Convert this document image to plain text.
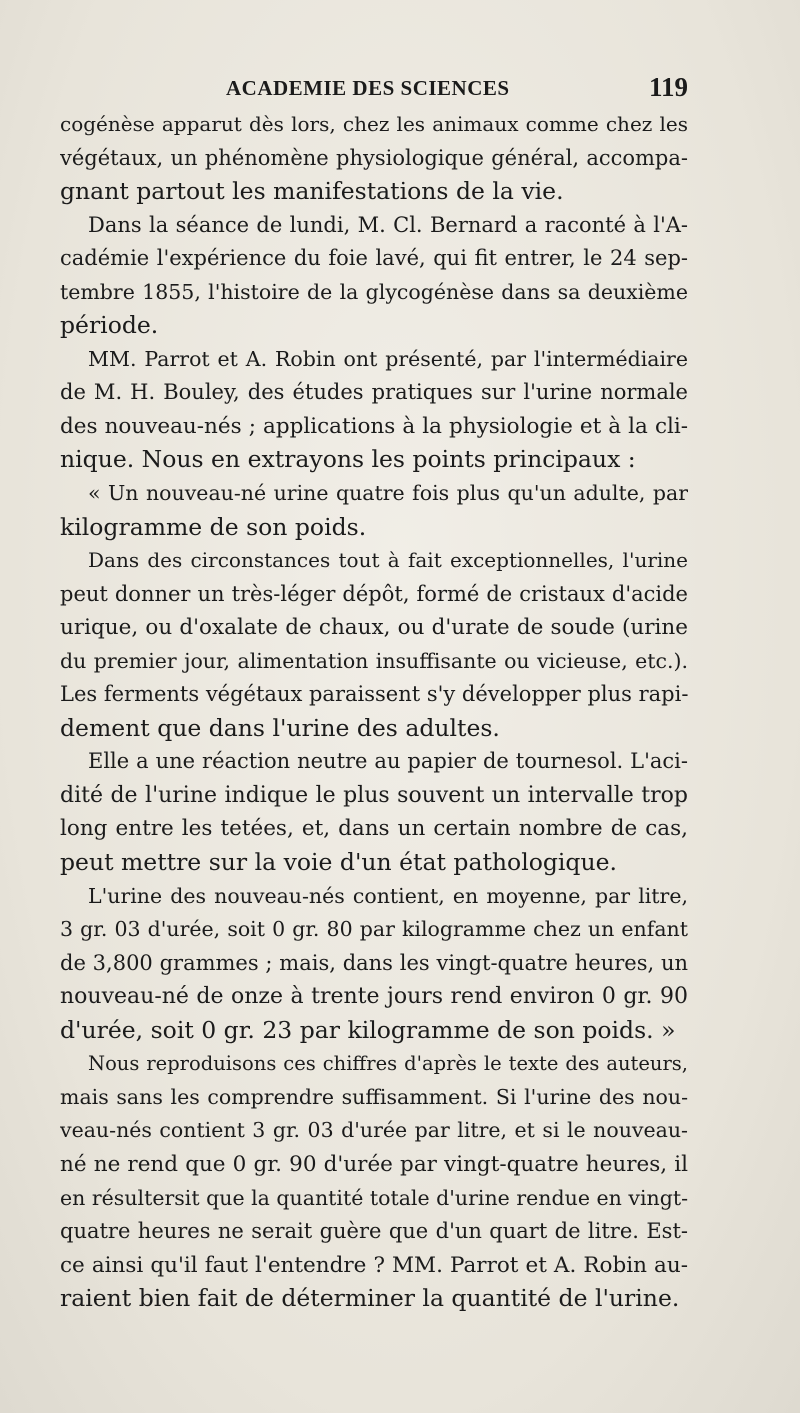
ACADEMIE DES SCIENCES	119
cogénèse apparut dès lors, chez les animaux comme chez les
végétaux, un phénomène physiologique général, accompa-
gnant partout les manifestations de la vie.
Dans la séance de lundi, M. Cl. Bernard a raconté à l'A-
cadémie l'expérience du foie lavé, qui fit entrer, le 24 sep-
tembre 1855, l'histoire de la glycogénèse dans sa deuxième
période.
MM. Parrot et A. Robin ont présenté, par l'intermédiaire
de M. H. Bouley, des études pratiques sur l'urine normale
des nouveau-nés ; applications à la physiologie et à la cli-
nique. Nous en extrayons les points principaux :
« Un nouveau-né urine quatre fois plus qu'un adulte, par
kilogramme de son poids.
Dans des circonstances tout à fait exceptionnelles, l'urine
peut donner un très-léger dépôt, formé de cristaux d'acide
urique, ou d'oxalate de chaux, ou d'urate de soude (urine
du premier jour, alimentation insuffisante ou vicieuse, etc.).
Les ferments végétaux paraissent s'y développer plus rapi-
dement que dans l'urine des adultes.
Elle a une réaction neutre au papier de tournesol. L'aci-
dité de l'urine indique le plus souvent un intervalle trop
long entre les tetées, et, dans un certain nombre de cas,
peut mettre sur la voie d'un état pathologique.
L'urine des nouveau-nés contient, en moyenne, par litre,
3 gr. 03 d'urée, soit 0 gr. 80 par kilogramme chez un enfant
de 3,800 grammes ; mais, dans les vingt-quatre heures, un
nouveau-né de onze à trente jours rend environ 0 gr. 90
d'urée, soit 0 gr. 23 par kilogramme de son poids. »
Nous reproduisons ces chiffres d'après le texte des auteurs,
mais sans les comprendre suffisamment. Si l'urine des nou-
veau-nés contient 3 gr. 03 d'urée par litre, et si le nouveau-
né ne rend que 0 gr. 90 d'urée par vingt-quatre heures, il
en résultersit que la quantité totale d'urine rendue en vingt-
quatre heures ne serait guère que d'un quart de litre. Est-
ce ainsi qu'il faut l'entendre ? MM. Parrot et A. Robin au-
raient bien fait de déterminer la quantité de l'urine.
